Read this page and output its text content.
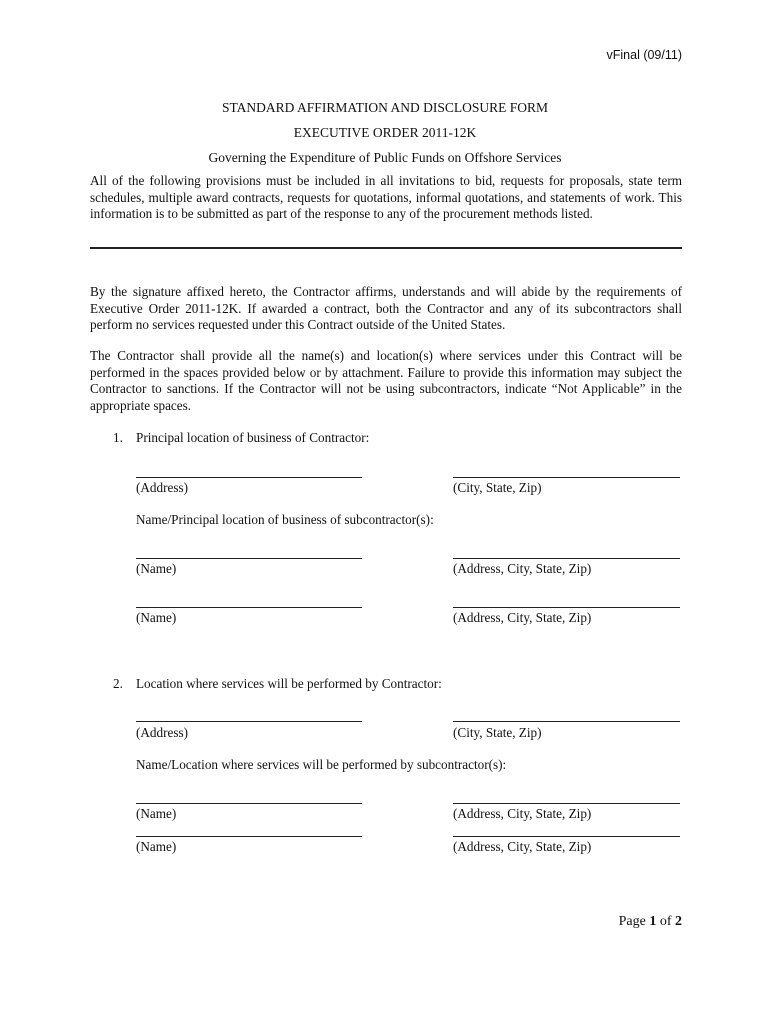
vFinal (09/11)
STANDARD AFFIRMATION AND DISCLOSURE FORM
EXECUTIVE ORDER 2011-12K
Governing the Expenditure of Public Funds on Offshore Services
All of the following provisions must be included in all invitations to bid, requests for proposals, state term schedules, multiple award contracts, requests for quotations, informal quotations, and statements of work. This information is to be submitted as part of the response to any of the procurement methods listed.
By the signature affixed hereto, the Contractor affirms, understands and will abide by the requirements of Executive Order 2011-12K. If awarded a contract, both the Contractor and any of its subcontractors shall perform no services requested under this Contract outside of the United States.
The Contractor shall provide all the name(s) and location(s) where services under this Contract will be performed in the spaces provided below or by attachment. Failure to provide this information may subject the Contractor to sanctions. If the Contractor will not be using subcontractors, indicate “Not Applicable” in the appropriate spaces.
1. Principal location of business of Contractor:
(Address)	(City, State, Zip)
Name/Principal location of business of subcontractor(s):
(Name)	(Address, City, State, Zip)
(Name)	(Address, City, State, Zip)
2. Location where services will be performed by Contractor:
(Address)	(City, State, Zip)
Name/Location where services will be performed by subcontractor(s):
(Name)	(Address, City, State, Zip)
(Name)	(Address, City, State, Zip)
Page 1 of 2
